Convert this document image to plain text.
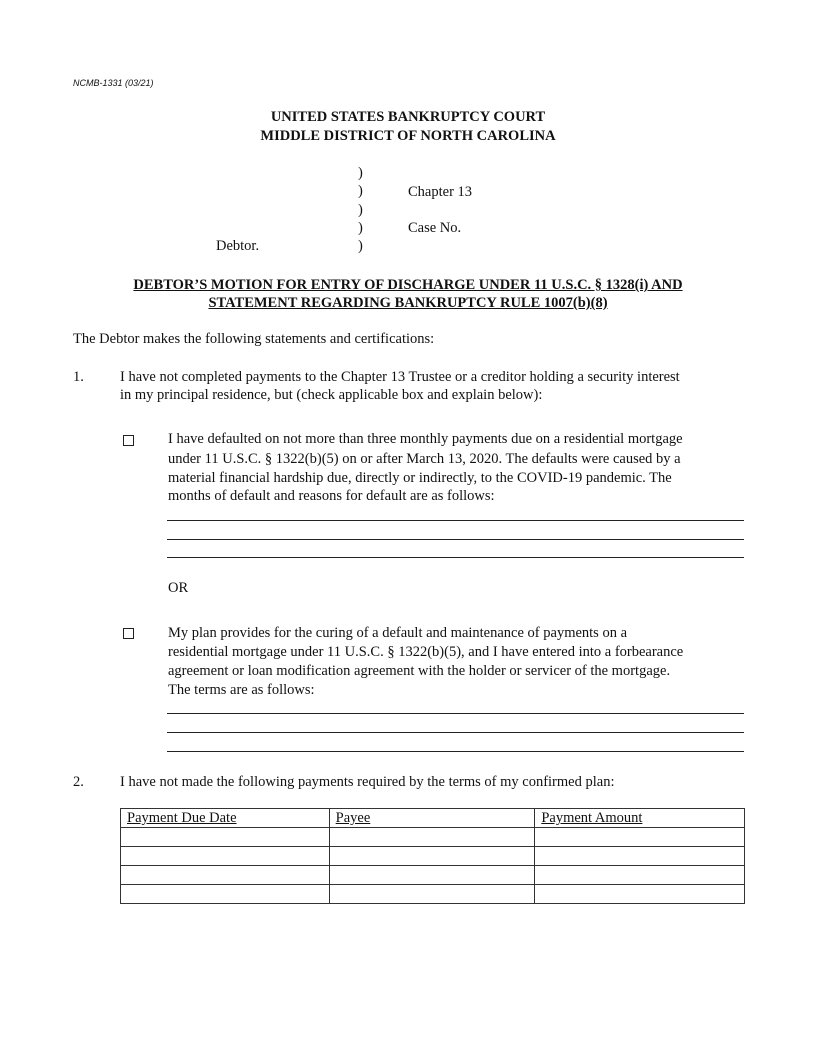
NCMB-1331 (03/21)
UNITED STATES BANKRUPTCY COURT
MIDDLE DISTRICT OF NORTH CAROLINA
)
)
)
)
)
Chapter 13
Case No.
Debtor.
DEBTOR’S MOTION FOR ENTRY OF DISCHARGE UNDER 11 U.S.C. § 1328(i) AND
STATEMENT REGARDING BANKRUPTCY RULE 1007(b)(8)
The Debtor makes the following statements and certifications:
1. I have not completed payments to the Chapter 13 Trustee or a creditor holding a security interest
in my principal residence, but (check applicable box and explain below):
I have defaulted on not more than three monthly payments due on a residential mortgage
under 11 U.S.C. § 1322(b)(5) on or after March 13, 2020. The defaults were caused by a
material financial hardship due, directly or indirectly, to the COVID-19 pandemic. The
months of default and reasons for default are as follows:
OR
My plan provides for the curing of a default and maintenance of payments on a
residential mortgage under 11 U.S.C. § 1322(b)(5), and I have entered into a forbearance
agreement or loan modification agreement with the holder or servicer of the mortgage.
The terms are as follows:
2. I have not made the following payments required by the terms of my confirmed plan:
Payment Due Date	Payee	Payment Amount
